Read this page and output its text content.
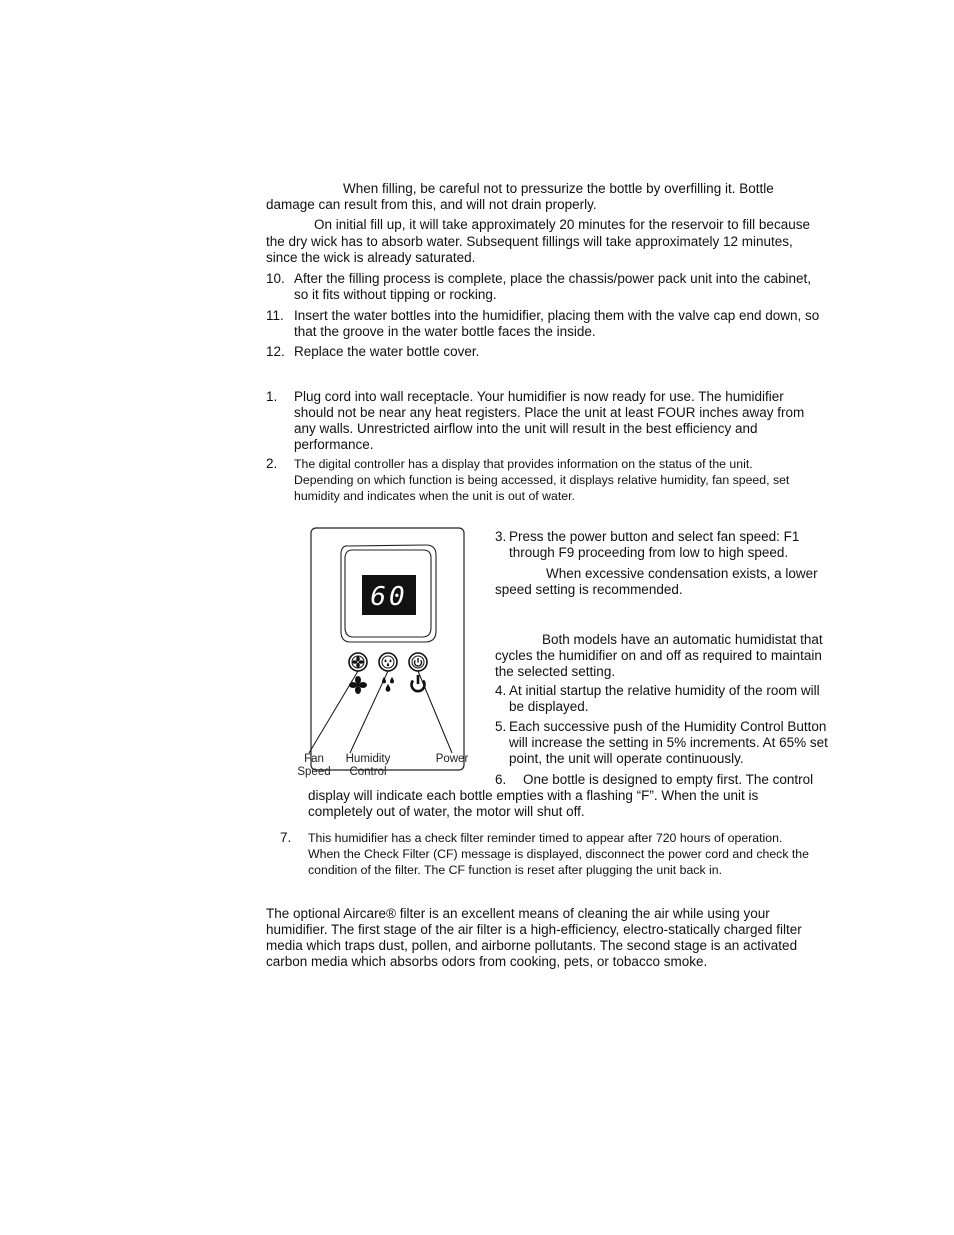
When filling, be careful not to pressurize the bottle by overfilling it. Bottle
damage can result from this, and will not drain properly.
On initial fill up, it will take approximately 20 minutes for the reservoir to fill because
the dry wick has to absorb water. Subsequent fillings will take approximately 12 minutes,
since the wick is already saturated.
10. After the filling process is complete, place the chassis/power pack unit into the cabinet,
so it fits without tipping or rocking.
11. Insert the water bottles into the humidifier, placing them with the valve cap end down, so
that the groove in the water bottle faces the inside.
12. Replace the water bottle cover.
1. Plug cord into wall receptacle. Your humidifier is now ready for use. The humidifier
should not be near any heat registers. Place the unit at least FOUR inches away from
any walls. Unrestricted airflow into the unit will result in the best efficiency and
performance.
2. The digital controller has a display that provides information on the status of the unit.
Depending on which function is being accessed, it displays relative humidity, fan speed, set
humidity and indicates when the unit is out of water.
60
Fan
Speed
Humidity
Control
Power
3. Press the power button and select fan speed: F1
through F9 proceeding from low to high speed.
When excessive condensation exists, a lower
speed setting is recommended.
Both models have an automatic humidistat that
cycles the humidifier on and off as required to maintain
the selected setting.
4. At initial startup the relative humidity of the room will
be displayed.
5. Each successive push of the Humidity Control Button
will increase the setting in 5% increments. At 65% set
point, the unit will operate continuously.
6. One bottle is designed to empty first. The control
display will indicate each bottle empties with a flashing “F”. When the unit is
completely out of water, the motor will shut off.
7. This humidifier has a check filter reminder timed to appear after 720 hours of operation.
When the Check Filter (CF) message is displayed, disconnect the power cord and check the
condition of the filter. The CF function is reset after plugging the unit back in.
The optional Aircare® filter is an excellent means of cleaning the air while using your
humidifier. The first stage of the air filter is a high-efficiency, electro-statically charged filter
media which traps dust, pollen, and airborne pollutants. The second stage is an activated
carbon media which absorbs odors from cooking, pets, or tobacco smoke.
